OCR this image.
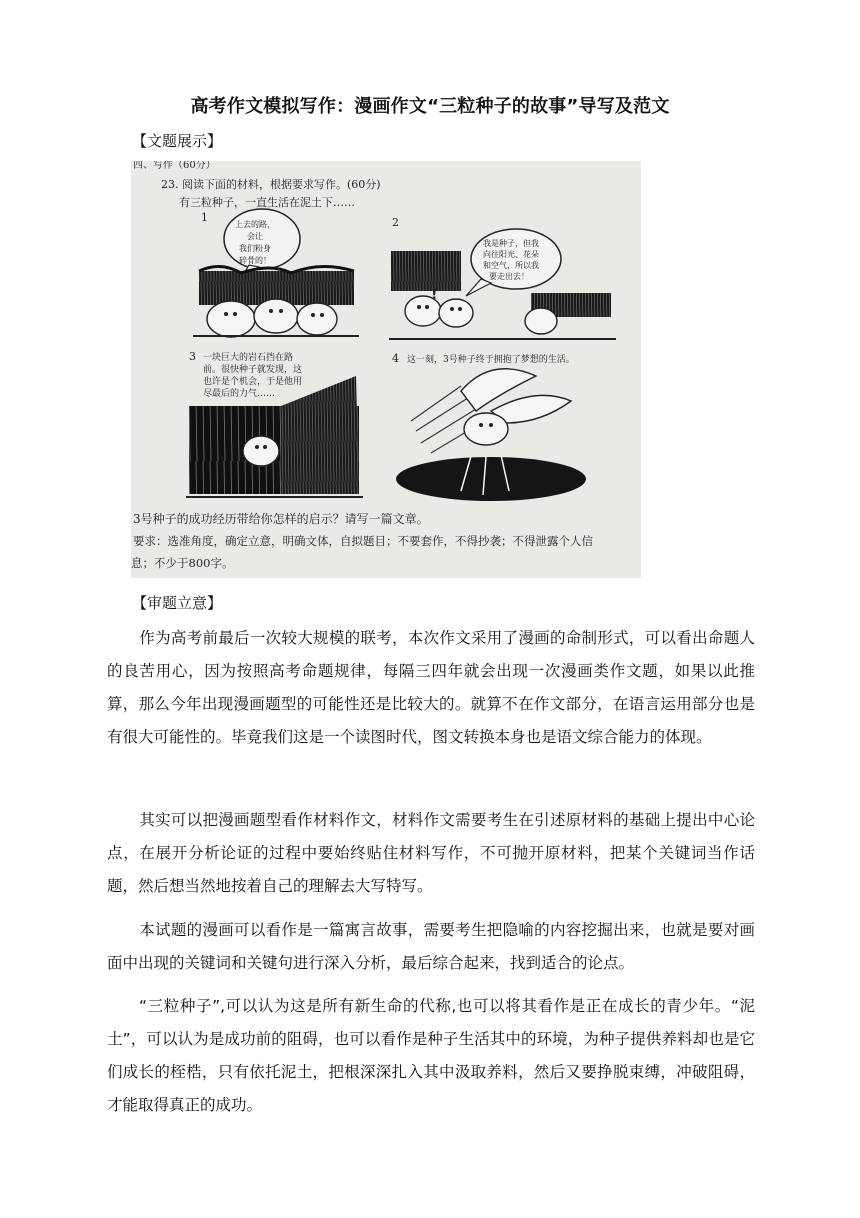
高考作文模拟写作：漫画作文“三粒种子的故事”导写及范文
【文题展示】
四、写作（60分）
23. 阅读下面的材料，根据要求写作。(60分)
有三粒种子，一直生活在泥土下……
1
上去的路，
会让
我们粉身
碎骨的！
2
我是种子，但我
向往阳光、花朵
和空气，所以我
要走出去！
!
3 一块巨大的岩石挡在路
前。很快种子就发现，这
也许是个机会，于是他用
尽最后的力气……
4 这一刻，3号种子终于拥抱了梦想的生活。
3号种子的成功经历带给你怎样的启示？请写一篇文章。
要求：选准角度，确定立意，明确文体，自拟题目；不要套作，不得抄袭；不得泄露个人信
息；不少于800字。
【审题立意】

作为高考前最后一次较大规模的联考，本次作文采用了漫画的命制形式，可以看出命题人的良苦用心，因为按照高考命题规律，每隔三四年就会出现一次漫画类作文题，如果以此推算，那么今年出现漫画题型的可能性还是比较大的。就算不在作文部分，在语言运用部分也是有很大可能性的。毕竟我们这是一个读图时代，图文转换本身也是语文综合能力的体现。

其实可以把漫画题型看作材料作文，材料作文需要考生在引述原材料的基础上提出中心论点，在展开分析论证的过程中要始终贴住材料写作，不可抛开原材料，把某个关键词当作话题，然后想当然地按着自己的理解去大写特写。

本试题的漫画可以看作是一篇寓言故事，需要考生把隐喻的内容挖掘出来，也就是要对画面中出现的关键词和关键句进行深入分析，最后综合起来，找到适合的论点。

“三粒种子”,可以认为这是所有新生命的代称,也可以将其看作是正在成长的青少年。“泥土”，可以认为是成功前的阻碍，也可以看作是种子生活其中的环境，为种子提供养料却也是它们成长的桎梏，只有依托泥土，把根深深扎入其中汲取养料，然后又要挣脱束缚，冲破阻碍，才能取得真正的成功。
